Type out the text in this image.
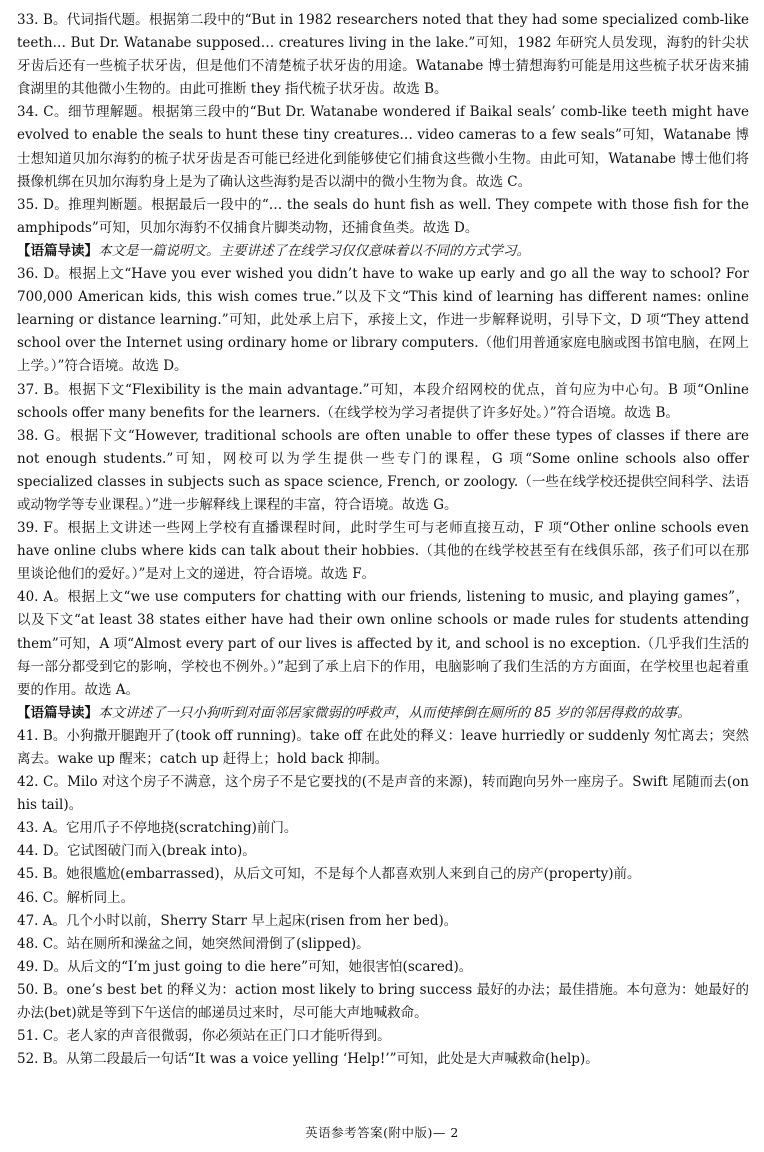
33. B。代词指代题。根据第二段中的“But in 1982 researchers noted that they had some specialized comb-like teeth… But Dr. Watanabe supposed… creatures living in the lake.”可知，1982 年研究人员发现，海豹的针尖状牙齿后还有一些梳子状牙齿，但是他们不清楚梳子状牙齿的用途。Watanabe 博士猜想海豹可能是用这些梳子状牙齿来捕食湖里的其他微小生物的。由此可推断 they 指代梳子状牙齿。故选 B。

34. C。细节理解题。根据第三段中的“But Dr. Watanabe wondered if Baikal seals’ comb-like teeth might have evolved to enable the seals to hunt these tiny creatures… video cameras to a few seals”可知，Watanabe 博士想知道贝加尔海豹的梳子状牙齿是否可能已经进化到能够使它们捕食这些微小生物。由此可知，Watanabe 博士他们将摄像机绑在贝加尔海豹身上是为了确认这些海豹是否以湖中的微小生物为食。故选 C。

35. D。推理判断题。根据最后一段中的“… the seals do hunt fish as well. They compete with those fish for the amphipods”可知，贝加尔海豹不仅捕食片脚类动物，还捕食鱼类。故选 D。

【语篇导读】本文是一篇说明文。主要讲述了在线学习仅仅意味着以不同的方式学习。

36. D。根据上文“Have you ever wished you didn’t have to wake up early and go all the way to school? For 700,000 American kids, this wish comes true.”以及下文“This kind of learning has different names: online learning or distance learning.”可知，此处承上启下，承接上文，作进一步解释说明，引导下文，D 项“They attend school over the Internet using ordinary home or library computers.（他们用普通家庭电脑或图书馆电脑，在网上上学。）”符合语境。故选 D。

37. B。根据下文“Flexibility is the main advantage.”可知，本段介绍网校的优点，首句应为中心句。B 项“Online schools offer many benefits for the learners.（在线学校为学习者提供了许多好处。）”符合语境。故选 B。

38. G。根据下文“However, traditional schools are often unable to offer these types of classes if there are not enough students.”可知，网校可以为学生提供一些专门的课程，G 项“Some online schools also offer specialized classes in subjects such as space science, French, or zoology.（一些在线学校还提供空间科学、法语或动物学等专业课程。）”进一步解释线上课程的丰富，符合语境。故选 G。

39. F。根据上文讲述一些网上学校有直播课程时间，此时学生可与老师直接互动，F 项“Other online schools even have online clubs where kids can talk about their hobbies.（其他的在线学校甚至有在线俱乐部，孩子们可以在那里谈论他们的爱好。）”是对上文的递进，符合语境。故选 F。

40. A。根据上文“we use computers for chatting with our friends, listening to music, and playing games”，以及下文“at least 38 states either have had their own online schools or made rules for students attending them”可知，A 项“Almost every part of our lives is affected by it, and school is no exception.（几乎我们生活的每一部分都受到它的影响，学校也不例外。）”起到了承上启下的作用，电脑影响了我们生活的方方面面，在学校里也起着重要的作用。故选 A。

【语篇导读】本文讲述了一只小狗听到对面邻居家微弱的呼救声，从而使摔倒在厕所的 85 岁的邻居得救的故事。

41. B。小狗撒开腿跑开了(took off running)。take off 在此处的释义：leave hurriedly or suddenly 匆忙离去；突然离去。wake up 醒来；catch up 赶得上；hold back 抑制。

42. C。Milo 对这个房子不满意，这个房子不是它要找的(不是声音的来源)，转而跑向另外一座房子。Swift 尾随而去(on his tail)。

43. A。它用爪子不停地挠(scratching)前门。

44. D。它试图破门而入(break into)。

45. B。她很尴尬(embarrassed)，从后文可知，不是每个人都喜欢别人来到自己的房产(property)前。

46. C。解析同上。

47. A。几个小时以前，Sherry Starr 早上起床(risen from her bed)。

48. C。站在厕所和澡盆之间，她突然间滑倒了(slipped)。

49. D。从后文的“I’m just going to die here”可知，她很害怕(scared)。

50. B。one’s best bet 的释义为：action most likely to bring success 最好的办法；最佳措施。本句意为：她最好的办法(bet)就是等到下午送信的邮递员过来时，尽可能大声地喊救命。

51. C。老人家的声音很微弱，你必须站在正门口才能听得到。

52. B。从第二段最后一句话“It was a voice yelling ‘Help!’”可知，此处是大声喊救命(help)。

英语参考答案(附中版)— 2
